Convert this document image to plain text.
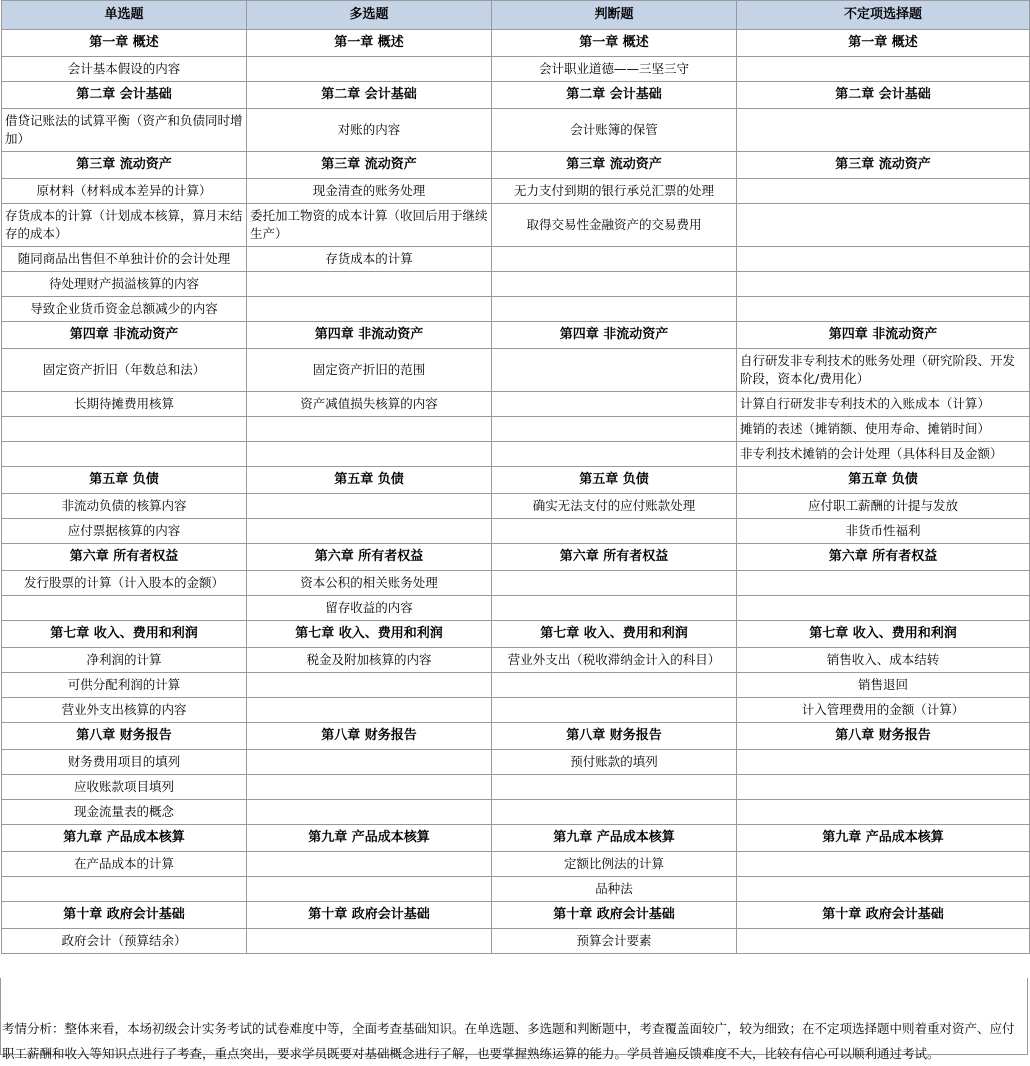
单选题	多选题	判断题	不定项选择题
第一章 概述	第一章 概述	第一章 概述	第一章 概述
会计基本假设的内容		会计职业道德——三坚三守	
第二章 会计基础	第二章 会计基础	第二章 会计基础	第二章 会计基础
借贷记账法的试算平衡（资产和负债同时增加）	对账的内容	会计账簿的保管	
第三章 流动资产	第三章 流动资产	第三章 流动资产	第三章 流动资产
原材料（材料成本差异的计算）	现金清查的账务处理	无力支付到期的银行承兑汇票的处理	
存货成本的计算（计划成本核算，算月末结存的成本）	委托加工物资的成本计算（收回后用于继续生产）	取得交易性金融资产的交易费用	
随同商品出售但不单独计价的会计处理	存货成本的计算		
待处理财产损溢核算的内容			
导致企业货币资金总额减少的内容			
第四章 非流动资产	第四章 非流动资产	第四章 非流动资产	第四章 非流动资产
固定资产折旧（年数总和法）	固定资产折旧的范围		自行研发非专利技术的账务处理（研究阶段、开发阶段，资本化/费用化）
长期待摊费用核算	资产减值损失核算的内容		计算自行研发非专利技术的入账成本（计算）
			摊销的表述（摊销额、使用寿命、摊销时间）
			非专利技术摊销的会计处理（具体科目及金额）
第五章 负债	第五章 负债	第五章 负债	第五章 负债
非流动负债的核算内容		确实无法支付的应付账款处理	应付职工薪酬的计提与发放
应付票据核算的内容			非货币性福利
第六章 所有者权益	第六章 所有者权益	第六章 所有者权益	第六章 所有者权益
发行股票的计算（计入股本的金额）	资本公积的相关账务处理		
	留存收益的内容		
第七章 收入、费用和利润	第七章 收入、费用和利润	第七章 收入、费用和利润	第七章 收入、费用和利润
净利润的计算	税金及附加核算的内容	营业外支出（税收滞纳金计入的科目）	销售收入、成本结转
可供分配利润的计算			销售退回
营业外支出核算的内容			计入管理费用的金额（计算）
第八章 财务报告	第八章 财务报告	第八章 财务报告	第八章 财务报告
财务费用项目的填列		预付账款的填列	
应收账款项目填列			
现金流量表的概念			
第九章 产品成本核算	第九章 产品成本核算	第九章 产品成本核算	第九章 产品成本核算
在产品成本的计算		定额比例法的计算	
		品种法	
第十章 政府会计基础	第十章 政府会计基础	第十章 政府会计基础	第十章 政府会计基础
政府会计（预算结余）		预算会计要素	
考情分析：整体来看，本场初级会计实务考试的试卷难度中等，全面考查基础知识。在单选题、多选题和判断题中，考查覆盖面较广，较为细致；在不定项选择题中则着重对资产、应付职工薪酬和收入等知识点进行了考查，重点突出，要求学员既要对基础概念进行了解，也要掌握熟练运算的能力。学员普遍反馈难度不大，比较有信心可以顺利通过考试。
